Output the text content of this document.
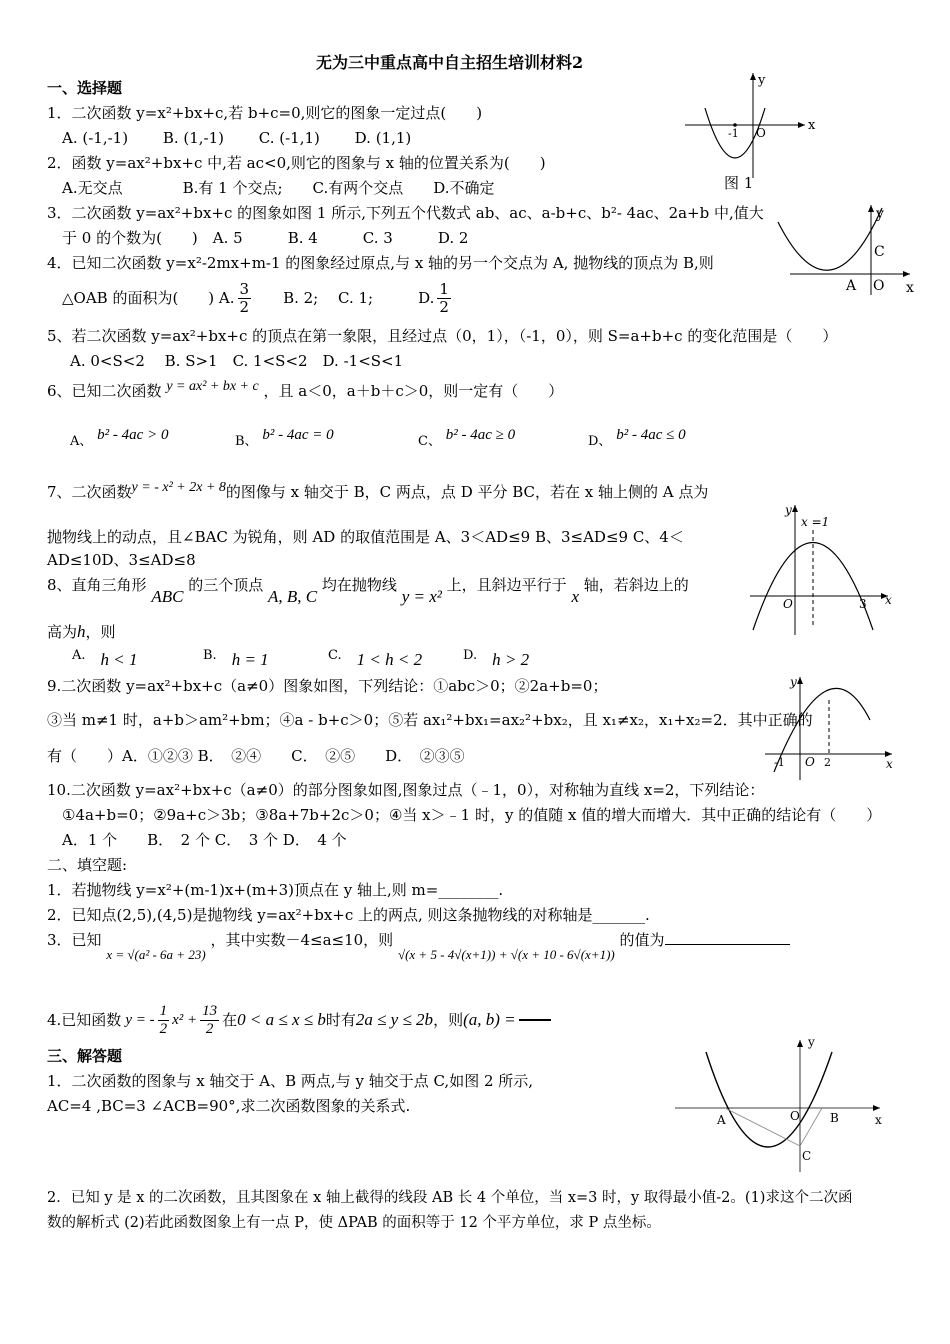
无为三中重点高中自主招生培训材料2
一、选择题
1．二次函数 y=x²+bx+c,若 b+c=0,则它的图象一定过点(　　)
A. (-1,-1)　　 B. (1,-1)　　 C. (-1,1)　　 D. (1,1)
2．函数 y=ax²+bx+c 中,若 ac<0,则它的图象与 x 轴的位置关系为(　　)
A.无交点　　　　B.有 1 个交点;　　C.有两个交点　　D.不确定
3．二次函数 y=ax²+bx+c 的图象如图 1 所示,下列五个代数式 ab、ac、a-b+c、b²- 4ac、2a+b 中,值大
于 0 的个数为(　　)　A. 5　　　B. 4　　　C. 3　　　D. 2
4．已知二次函数 y=x²-2mx+m-1 的图象经过原点,与 x 轴的另一个交点为 A, 抛物线的顶点为 B,则
△OAB 的面积为(　　) A. $\frac{3}{2}$ 　B. 2;　 C. 1;　　　D. $\frac{1}{2}$
5、若二次函数 y=ax²+bx+c 的顶点在第一象限，且经过点（0，1），（-1，0），则 S=a+b+c 的变化范围是（　　）
A. 0<S<2　 B. S>1　C. 1<S<2　D. -1<S<1
6、已知二次函数 y = ax² + bx + c ，且 a＜0，a＋b＋c＞0，则一定有（　　）
A、 b² - 4ac > 0	B、 b² - 4ac = 0	C、 b² - 4ac ≥ 0	D、 b² - 4ac ≤ 0
7、二次函数y = - x² + 2x + 8的图像与 x 轴交于 B，C 两点，点 D 平分 BC，若在 x 轴上侧的 A 点为
抛物线上的动点，且∠BAC 为锐角，则 AD 的取值范围是 A、3＜AD≤9 B、3≤AD≤9 C、4＜
AD≤10D、3≤AD≤8
8、直角三角形 ABC 的三个顶点 A, B, C 均在抛物线 y = x² 上，且斜边平行于 x 轴，若斜边上的
高为h，则
A.　 h < 1	B.　 h = 1	C.　 1 < h < 2	D.　 h > 2
9.二次函数 y=ax²+bx+c（a≠0）图象如图，下列结论：①abc＞0；②2a+b=0；
③当 m≠1 时，a+b＞am²+bm；④a - b+c＞0；⑤若 ax₁²+bx₁=ax₂²+bx₂，且 x₁≠x₂，x₁+x₂=2．其中正确的
有（　　）A．①②③ B．　②④　　C．　②⑤　　D．　②③⑤
10.二次函数 y=ax²+bx+c（a≠0）的部分图象如图,图象过点（﹣1，0），对称轴为直线 x=2，下列结论：
①4a+b=0；②9a+c＞3b；③8a+7b+2c＞0；④当 x＞﹣1 时，y 的值随 x 值的增大而增大．其中正确的结论有（　　）
A．1 个　　B．　2 个 C．　3 个 D．　4 个
二、填空题:
1．若抛物线 y=x²+(m-1)x+(m+3)顶点在 y 轴上,则 m=________.
2．已知点(2,5),(4,5)是抛物线 y=ax²+bx+c 上的两点, 则这条抛物线的对称轴是_______.
3．已知 x = √(a² - 6a + 23) ，其中实数－4≤a≤10，则 √(x + 5 - 4√(x+1)) + √(x + 10 - 6√(x+1)) 的值为
4.已知函数 y = - $\frac{1}{2} x^2 + \frac{13}{2}$ 在 0 < a ≤ x ≤ b 时有 2a ≤ y ≤ 2b ，则 (a, b) =
三、解答题
1．二次函数的图象与 x 轴交于 A、B 两点,与 y 轴交于点 C,如图 2 所示,
AC=4 ,BC=3 ∠ACB=90°,求二次函数图象的关系式.
2．已知 y 是 x 的二次函数，且其图象在 x 轴上截得的线段 AB 长 4 个单位，当 x=3 时，y 取得最小值-2。(1)求这个二次函
数的解析式 (2)若此函数图象上有一点 P，使 ΔPAB 的面积等于 12 个平方单位，求 P 点坐标。
y
x
-1 O
图 1
y
x
C
A O
y
x
x =1
O	3
y
x
-1 O 2
y
x
A	O	B
C
